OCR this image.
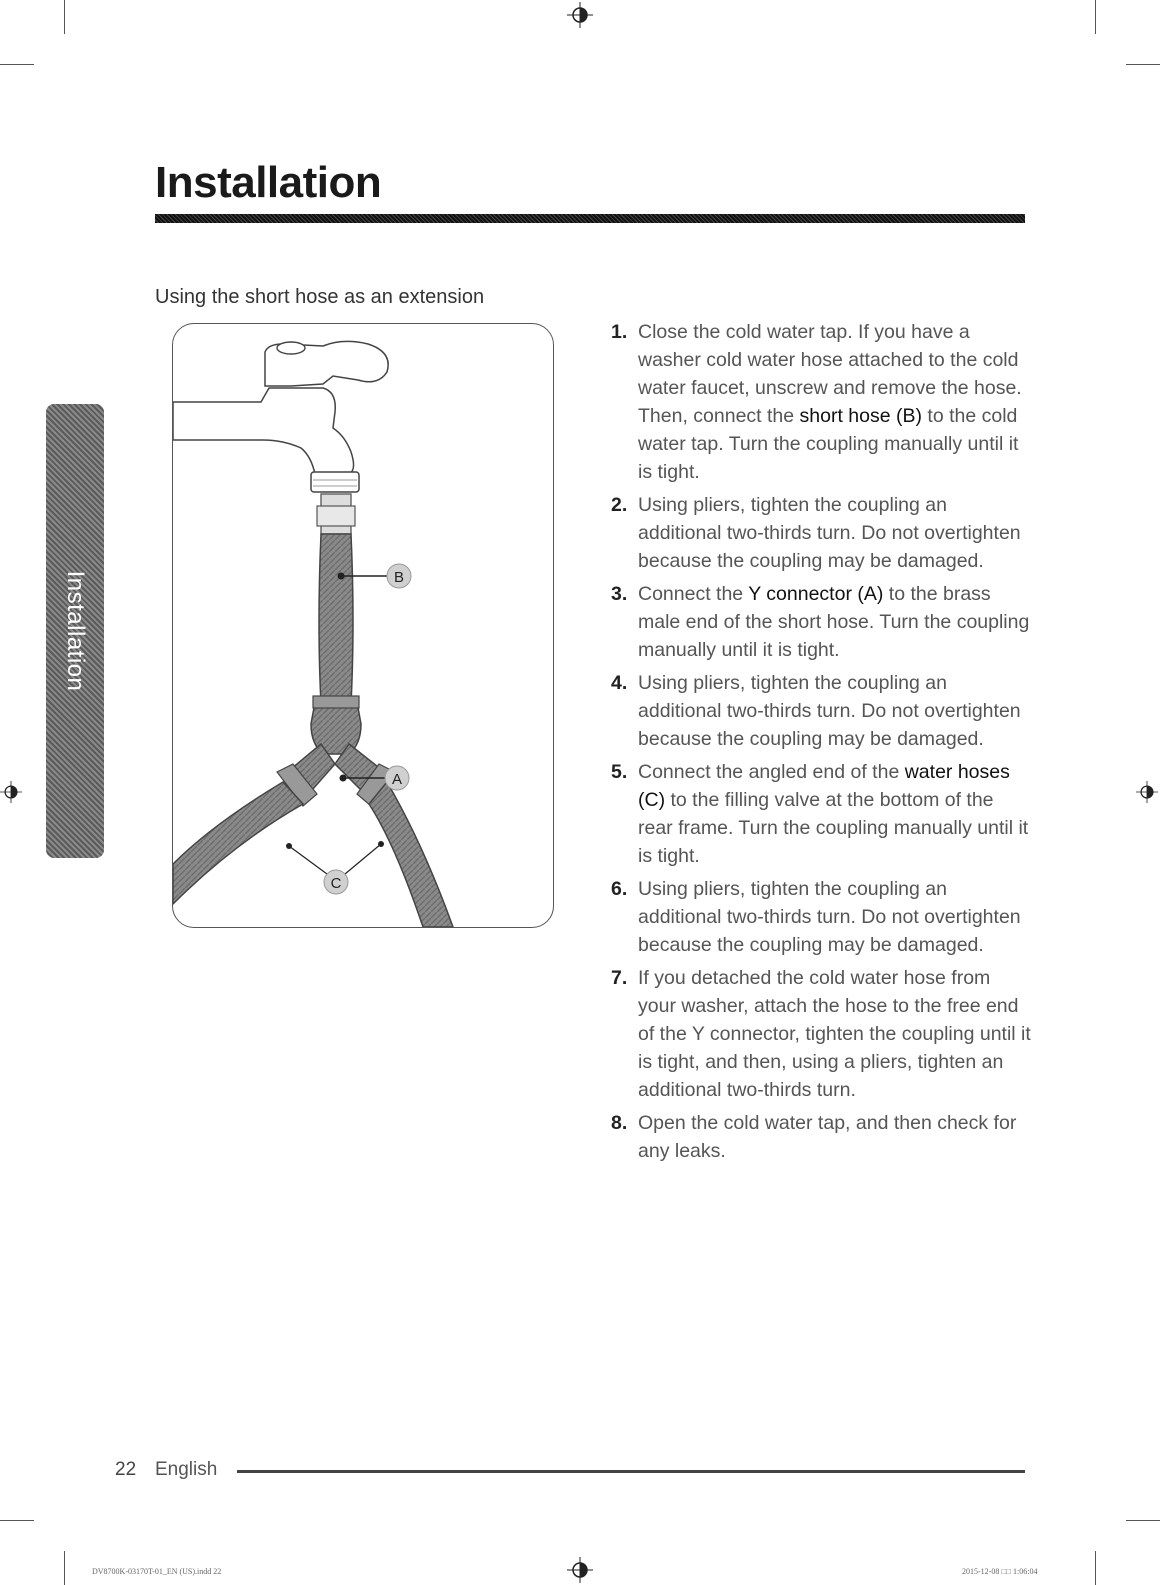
Installation
Installation
Using the short hose as an extension
B
A
C
1. Close the cold water tap. If you have a washer cold water hose attached to the cold water faucet, unscrew and remove the hose. Then, connect the short hose (B) to the cold water tap. Turn the coupling manually until it is tight.
2. Using pliers, tighten the coupling an additional two-thirds turn. Do not overtighten because the coupling may be damaged.
3. Connect the Y connector (A) to the brass male end of the short hose. Turn the coupling manually until it is tight.
4. Using pliers, tighten the coupling an additional two-thirds turn. Do not overtighten because the coupling may be damaged.
5. Connect the angled end of the water hoses (C) to the filling valve at the bottom of the rear frame. Turn the coupling manually until it is tight.
6. Using pliers, tighten the coupling an additional two-thirds turn. Do not overtighten because the coupling may be damaged.
7. If you detached the cold water hose from your washer, attach the hose to the free end of the Y connector, tighten the coupling until it is tight, and then, using a pliers, tighten an additional two-thirds turn.
8. Open the cold water tap, and then check for any leaks.
22 English
DV8700K-03170T-01_EN (US).indd 22	2015-12-08 □□ 1:06:04
